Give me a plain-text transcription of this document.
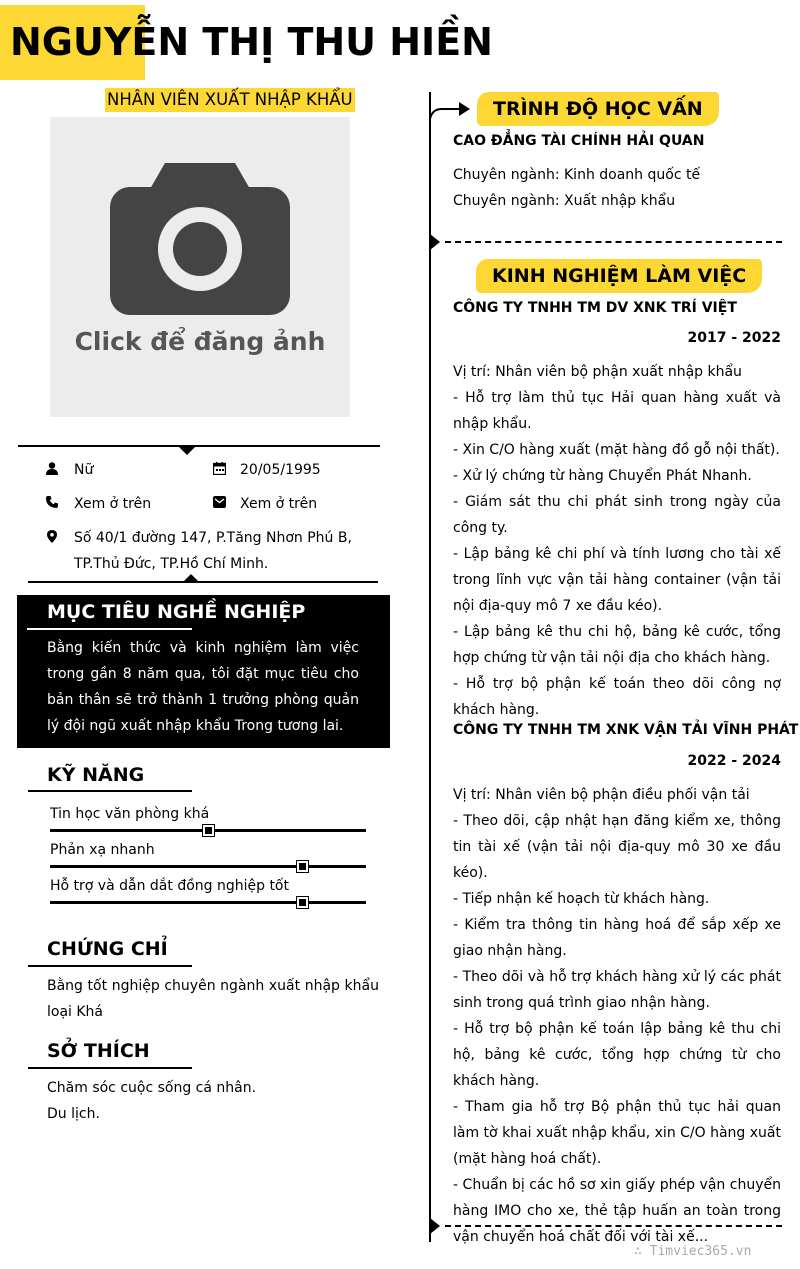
NGUYỄN THỊ THU HIỀN
NHÂN VIÊN XUẤT NHẬP KHẨU
Click để đăng ảnh
Nữ	20/05/1995
Xem ở trên	Xem ở trên
Số 40/1 đường 147, P.Tăng Nhơn Phú B,
TP.Thủ Đức, TP.Hồ Chí Minh.
MỤC TIÊU NGHỀ NGHIỆP
Bằng kiến thức và kinh nghiệm làm việc trong gần 8 năm qua, tôi đặt mục tiêu cho bản thân sẽ trở thành 1 trưởng phòng quản lý đội ngũ xuất nhập khẩu Trong tương lai.
KỸ NĂNG
Tin học văn phòng khá
Phản xạ nhanh
Hỗ trợ và dẫn dắt đồng nghiệp tốt
CHỨNG CHỈ
Bằng tốt nghiệp chuyên ngành xuất nhập khẩu loại Khá
SỞ THÍCH
Chăm sóc cuộc sống cá nhân.
Du lịch.
TRÌNH ĐỘ HỌC VẤN
CAO ĐẲNG TÀI CHÍNH HẢI QUAN
Chuyên ngành: Kinh doanh quốc tế
Chuyên ngành: Xuất nhập khẩu
KINH NGHIỆM LÀM VIỆC
CÔNG TY TNHH TM DV XNK TRÍ VIỆT
2017 - 2022
Vị trí: Nhân viên bộ phận xuất nhập khẩu
- Hỗ trợ làm thủ tục Hải quan hàng xuất và nhập khẩu.
- Xin C/O hàng xuất (mặt hàng đồ gỗ nội thất).
- Xử lý chứng từ hàng Chuyển Phát Nhanh.
- Giám sát thu chi phát sinh trong ngày của công ty.
- Lập bảng kê chi phí và tính lương cho tài xế trong lĩnh vực vận tải hàng container (vận tải nội địa-quy mô 7 xe đầu kéo).
- Lập bảng kê thu chi hộ, bảng kê cước, tổng hợp chứng từ vận tải nội địa cho khách hàng.
- Hỗ trợ bộ phận kế toán theo dõi công nợ khách hàng.
CÔNG TY TNHH TM XNK VẬN TẢI VĨNH PHÁT
2022 - 2024
Vị trí: Nhân viên bộ phận điều phối vận tải
- Theo dõi, cập nhật hạn đăng kiểm xe, thông tin tài xế (vận tải nội địa-quy mô 30 xe đầu kéo).
- Tiếp nhận kế hoạch từ khách hàng.
- Kiểm tra thông tin hàng hoá để sắp xếp xe giao nhận hàng.
- Theo dõi và hỗ trợ khách hàng xử lý các phát sinh trong quá trình giao nhận hàng.
- Hỗ trợ bộ phận kế toán lập bảng kê thu chi hộ, bảng kê cước, tổng hợp chứng từ cho khách hàng.
- Tham gia hỗ trợ Bộ phận thủ tục hải quan làm tờ khai xuất nhập khẩu, xin C/O hàng xuất (mặt hàng hoá chất).
- Chuẩn bị các hồ sơ xin giấy phép vận chuyển hàng IMO cho xe, thẻ tập huấn an toàn trong vận chuyển hoá chất đối với tài xế...
∴ Timviec365.vn
